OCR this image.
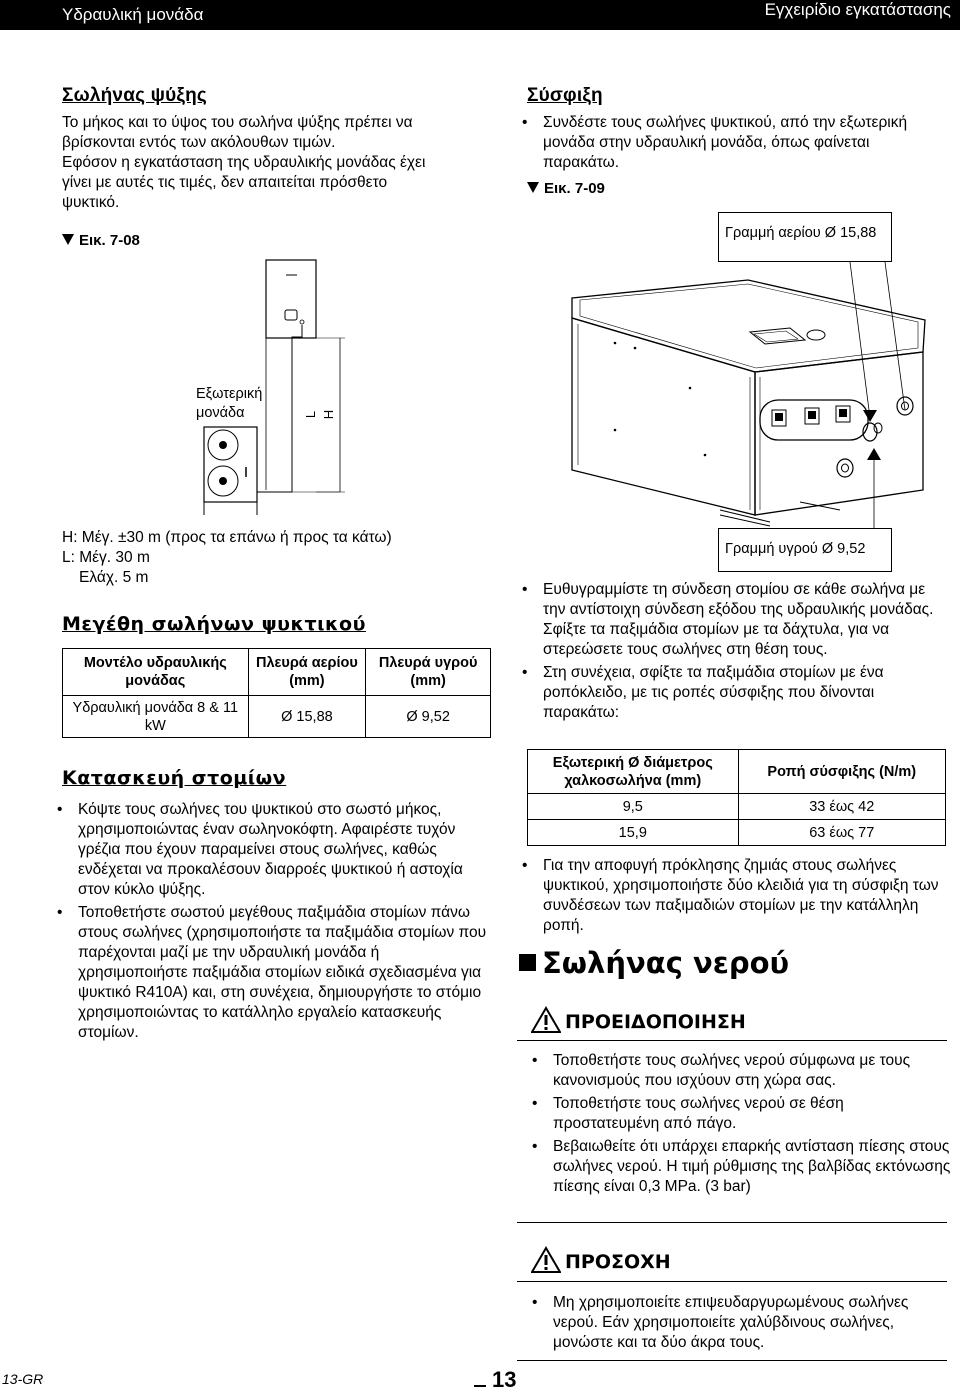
Υδραυλική μονάδα	Εγχειρίδιο εγκατάστασης
Σωλήνας ψύξης
Το μήκος και το ύψος του σωλήνα ψύξης πρέπει να
βρίσκονται εντός των ακόλουθων τιμών.
Εφόσον η εγκατάσταση της υδραυλικής μονάδας έχει
γίνει με αυτές τις τιμές, δεν απαιτείται πρόσθετο
ψυκτικό.
Εικ. 7-08
Εξωτερική
μονάδα	L H
H: Μέγ. ±30 m (προς τα επάνω ή προς τα κάτω)
L: Μέγ. 30 m
Ελάχ. 5 m
Μεγέθη σωλήνων ψυκτικού
Μοντέλο υδραυλικής μονάδας	Πλευρά αερίου (mm)	Πλευρά υγρού (mm)
Υδραυλική μονάδα 8 & 11 kW	Ø 15,88	Ø 9,52
Κατασκευή στομίων
• Κόψτε τους σωλήνες του ψυκτικού στο σωστό μήκος, χρησιμοποιώντας έναν σωληνοκόφτη. Αφαιρέστε τυχόν γρέζια που έχουν παραμείνει στους σωλήνες, καθώς ενδέχεται να προκαλέσουν διαρροές ψυκτικού ή αστοχία στον κύκλο ψύξης.
• Τοποθετήστε σωστού μεγέθους παξιμάδια στομίων πάνω στους σωλήνες (χρησιμοποιήστε τα παξιμάδια στομίων που παρέχονται μαζί με την υδραυλική μονάδα ή χρησιμοποιήστε παξιμάδια στομίων ειδικά σχεδιασμένα για ψυκτικό R410A) και, στη συνέχεια, δημιουργήστε το στόμιο χρησιμοποιώντας το κατάλληλο εργαλείο κατασκευής στομίων.
Σύσφιξη
• Συνδέστε τους σωλήνες ψυκτικού, από την εξωτερική μονάδα στην υδραυλική μονάδα, όπως φαίνεται παρακάτω.
Εικ. 7-09
Γραμμή αερίου Ø 15,88
Γραμμή υγρού Ø 9,52
• Ευθυγραμμίστε τη σύνδεση στομίου σε κάθε σωλήνα με την αντίστοιχη σύνδεση εξόδου της υδραυλικής μονάδας.
Σφίξτε τα παξιμάδια στομίων με τα δάχτυλα, για να στερεώσετε τους σωλήνες στη θέση τους.
• Στη συνέχεια, σφίξτε τα παξιμάδια στομίων με ένα ροπόκλειδο, με τις ροπές σύσφιξης που δίνονται παρακάτω:
Εξωτερική Ø διάμετρος χαλκοσωλήνα (mm)	Ροπή σύσφιξης (N/m)
9,5	33 έως 42
15,9	63 έως 77
• Για την αποφυγή πρόκλησης ζημιάς στους σωλήνες ψυκτικού, χρησιμοποιήστε δύο κλειδιά για τη σύσφιξη των συνδέσεων των παξιμαδιών στομίων με την κατάλληλη ροπή.
Σωλήνας νερού
ΠΡΟΕΙΔΟΠΟΙΗΣΗ
• Τοποθετήστε τους σωλήνες νερού σύμφωνα με τους κανονισμούς που ισχύουν στη χώρα σας.
• Τοποθετήστε τους σωλήνες νερού σε θέση προστατευμένη από πάγο.
• Βεβαιωθείτε ότι υπάρχει επαρκής αντίσταση πίεσης στους σωλήνες νερού. Η τιμή ρύθμισης της βαλβίδας εκτόνωσης πίεσης είναι 0,3 MPa. (3 bar)
ΠΡΟΣΟΧΗ
• Μη χρησιμοποιείτε επιψευδαργυρωμένους σωλήνες νερού. Εάν χρησιμοποιείτε χαλύβδινους σωλήνες, μονώστε και τα δύο άκρα τους.
13-GR	13
